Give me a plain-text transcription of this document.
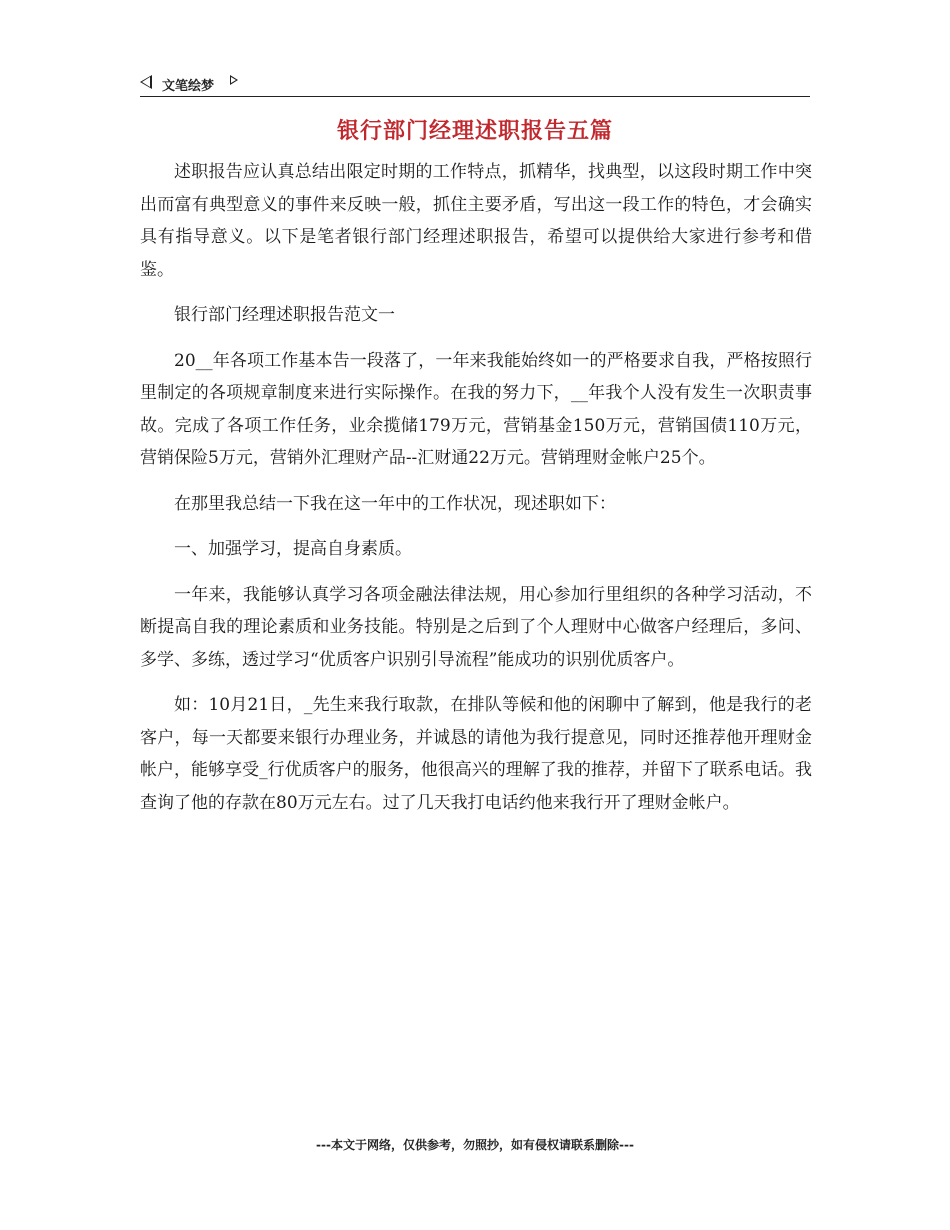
文笔绘梦
银行部门经理述职报告五篇

述职报告应认真总结出限定时期的工作特点，抓精华，找典型，以这段时期工作中突出而富有典型意义的事件来反映一般，抓住主要矛盾，写出这一段工作的特色，才会确实具有指导意义。以下是笔者银行部门经理述职报告，希望可以提供给大家进行参考和借鉴。

银行部门经理述职报告范文一

20__年各项工作基本告一段落了，一年来我能始终如一的严格要求自我，严格按照行里制定的各项规章制度来进行实际操作。在我的努力下，__年我个人没有发生一次职责事故。完成了各项工作任务，业余揽储179万元，营销基金150万元，营销国债110万元，营销保险5万元，营销外汇理财产品--汇财通22万元。营销理财金帐户25个。

在那里我总结一下我在这一年中的工作状况，现述职如下：

一、加强学习，提高自身素质。

一年来，我能够认真学习各项金融法律法规，用心参加行里组织的各种学习活动，不断提高自我的理论素质和业务技能。特别是之后到了个人理财中心做客户经理后，多问、多学、多练，透过学习“优质客户识别引导流程”能成功的识别优质客户。

如：10月21日，_先生来我行取款，在排队等候和他的闲聊中了解到，他是我行的老客户，每一天都要来银行办理业务，并诚恳的请他为我行提意见，同时还推荐他开理财金帐户，能够享受_行优质客户的服务，他很高兴的理解了我的推荐，并留下了联系电话。我查询了他的存款在80万元左右。过了几天我打电话约他来我行开了理财金帐户。

---本文于网络，仅供参考，勿照抄，如有侵权请联系删除---
